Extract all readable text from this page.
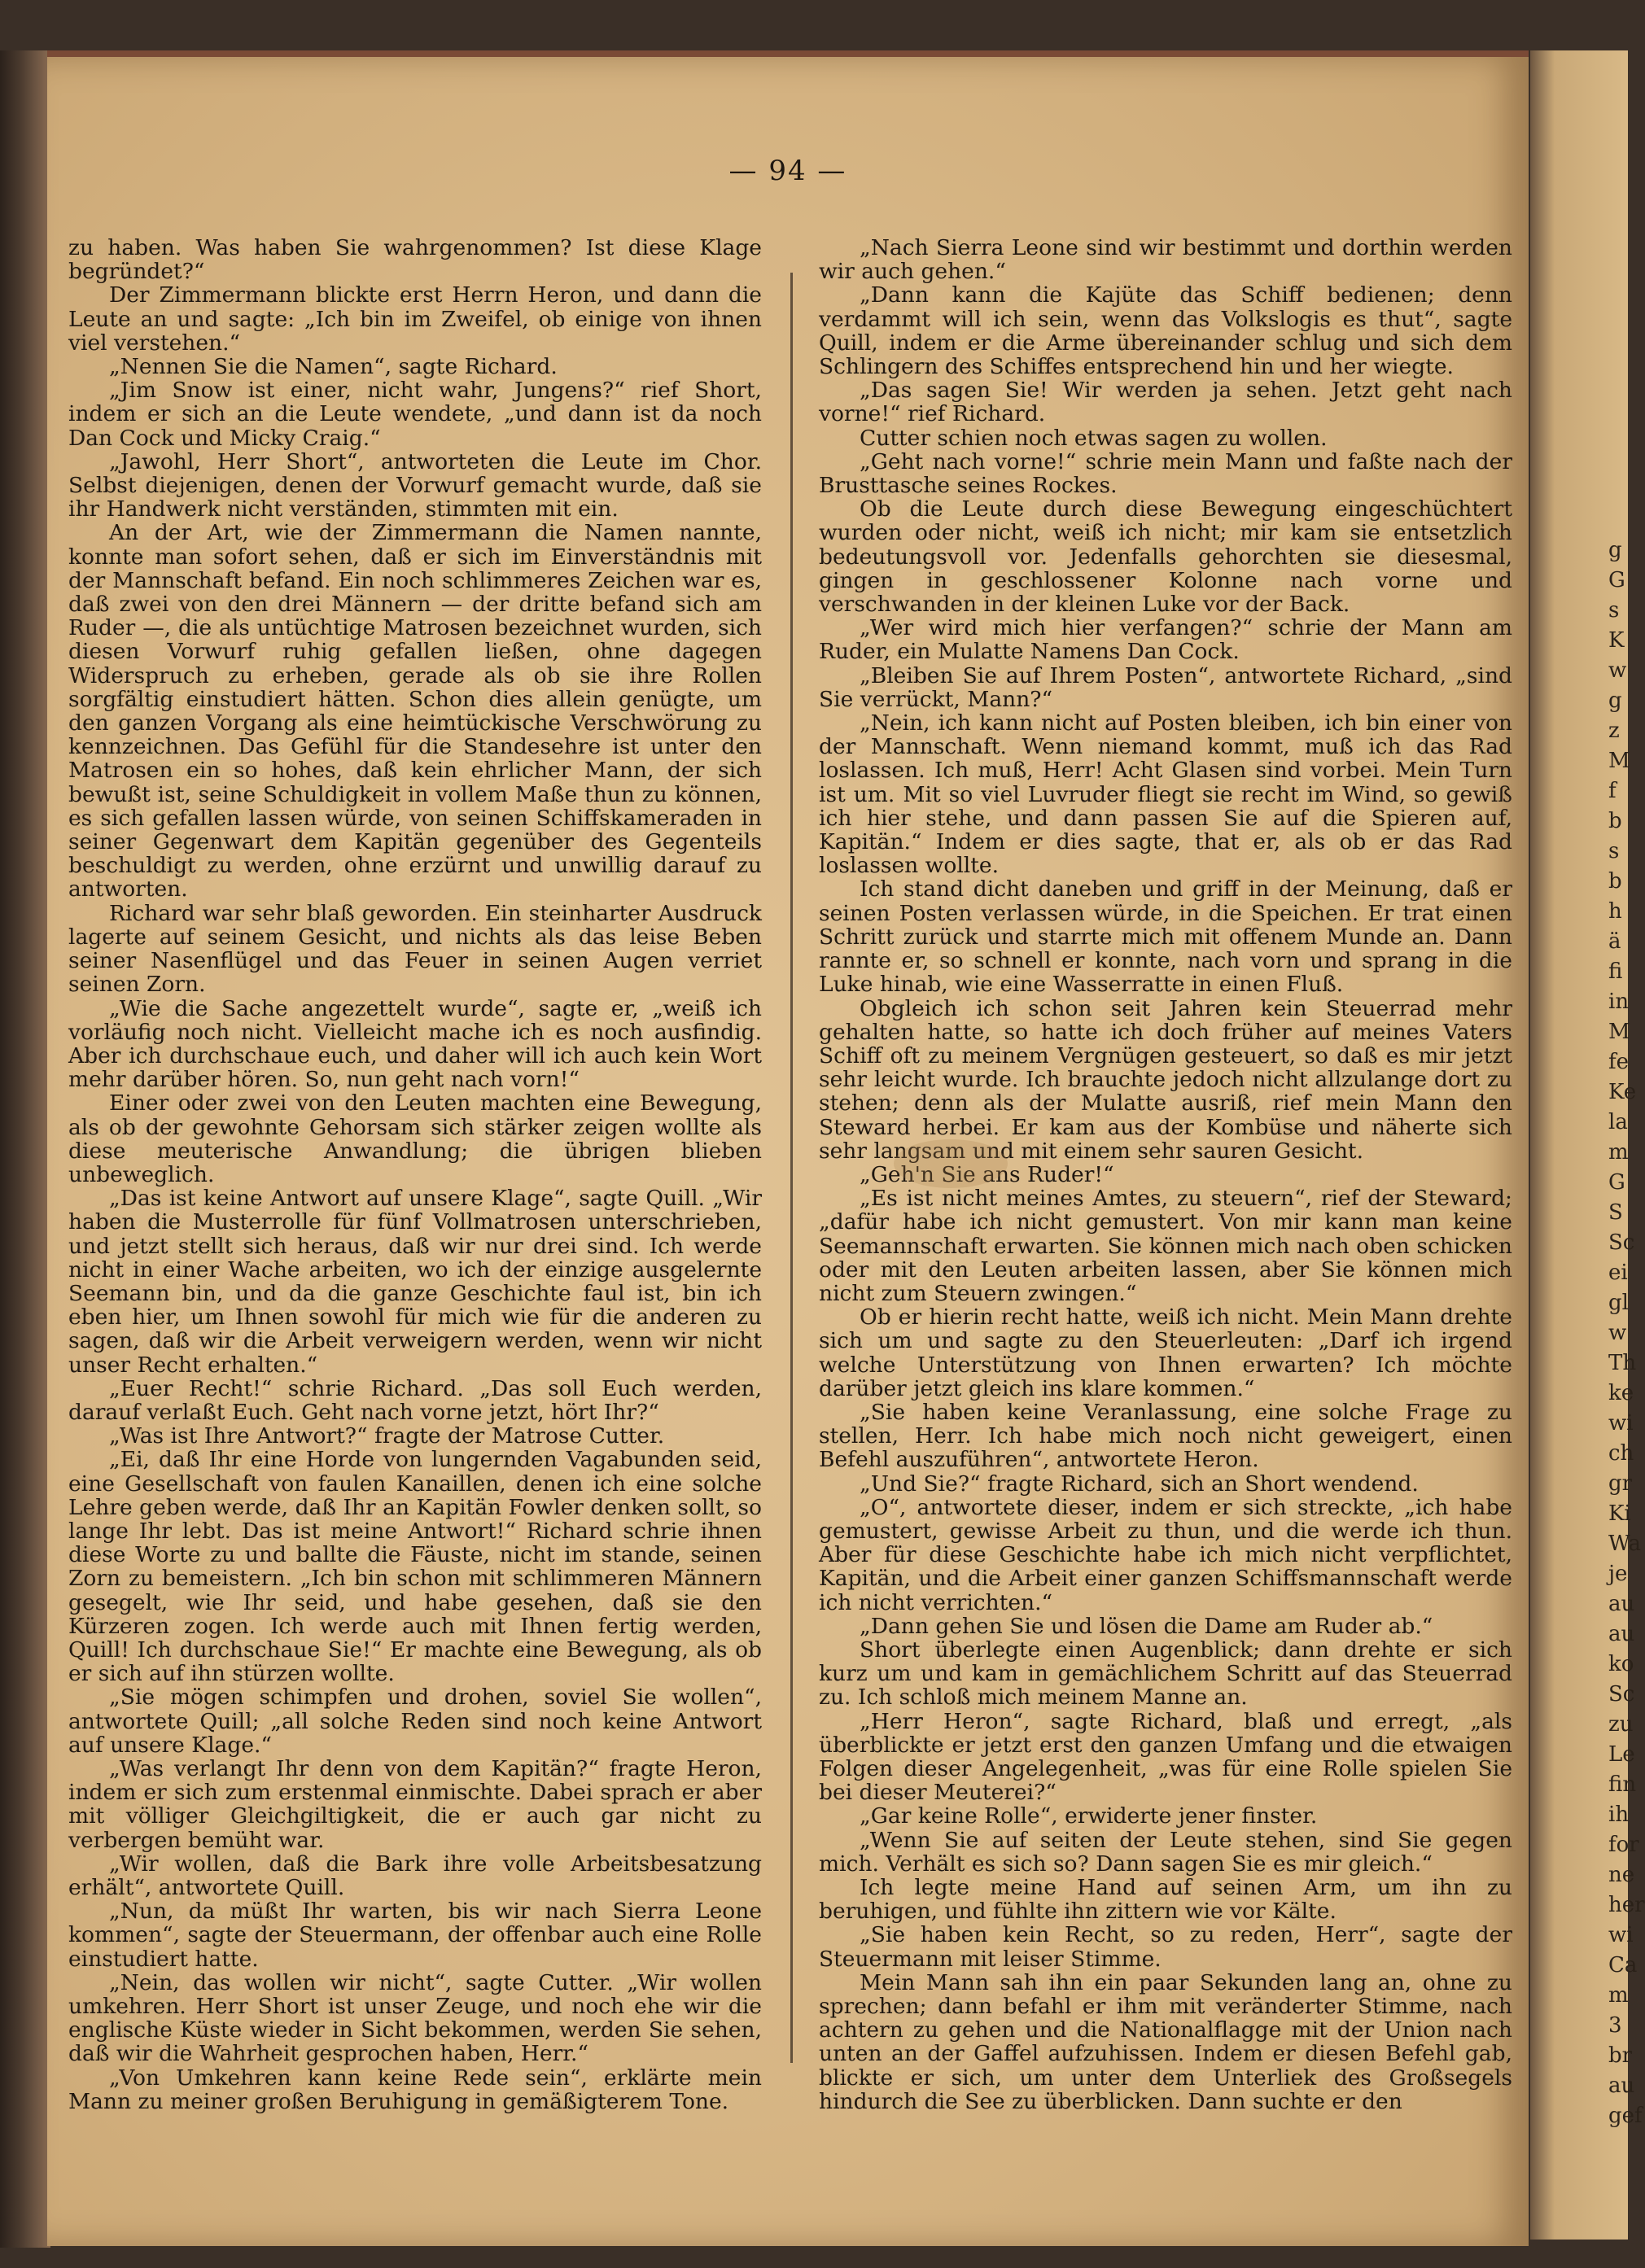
— 94 —

zu haben. Was haben Sie wahrgenommen? Ist diese Klage begründet?“

Der Zimmermann blickte erst Herrn Heron, und dann die Leute an und sagte: „Ich bin im Zweifel, ob einige von ihnen viel verstehen.“

„Nennen Sie die Namen“, sagte Richard.

„Jim Snow ist einer, nicht wahr, Jungens?“ rief Short, indem er sich an die Leute wendete, „und dann ist da noch Dan Cock und Micky Craig.“

„Jawohl, Herr Short“, antworteten die Leute im Chor. Selbst diejenigen, denen der Vorwurf gemacht wurde, daß sie ihr Handwerk nicht verständen, stimmten mit ein.

An der Art, wie der Zimmermann die Namen nannte, konnte man sofort sehen, daß er sich im Einverständnis mit der Mannschaft befand. Ein noch schlimmeres Zeichen war es, daß zwei von den drei Männern — der dritte befand sich am Ruder —, die als untüchtige Matrosen bezeichnet wurden, sich diesen Vorwurf ruhig gefallen ließen, ohne dagegen Widerspruch zu erheben, gerade als ob sie ihre Rollen sorgfältig einstudiert hätten. Schon dies allein genügte, um den ganzen Vorgang als eine heimtückische Verschwörung zu kennzeichnen. Das Gefühl für die Standesehre ist unter den Matrosen ein so hohes, daß kein ehrlicher Mann, der sich bewußt ist, seine Schuldigkeit in vollem Maße thun zu können, es sich gefallen lassen würde, von seinen Schiffskameraden in seiner Gegenwart dem Kapitän gegenüber des Gegenteils beschuldigt zu werden, ohne erzürnt und unwillig darauf zu antworten.

Richard war sehr blaß geworden. Ein steinharter Ausdruck lagerte auf seinem Gesicht, und nichts als das leise Beben seiner Nasenflügel und das Feuer in seinen Augen verriet seinen Zorn.

„Wie die Sache angezettelt wurde“, sagte er, „weiß ich vorläufig noch nicht. Vielleicht mache ich es noch ausfindig. Aber ich durchschaue euch, und daher will ich auch kein Wort mehr darüber hören. So, nun geht nach vorn!“

Einer oder zwei von den Leuten machten eine Bewegung, als ob der gewohnte Gehorsam sich stärker zeigen wollte als diese meuterische Anwandlung; die übrigen blieben unbeweglich.

„Das ist keine Antwort auf unsere Klage“, sagte Quill. „Wir haben die Musterrolle für fünf Vollmatrosen unterschrieben, und jetzt stellt sich heraus, daß wir nur drei sind. Ich werde nicht in einer Wache arbeiten, wo ich der einzige ausgelernte Seemann bin, und da die ganze Geschichte faul ist, bin ich eben hier, um Ihnen sowohl für mich wie für die anderen zu sagen, daß wir die Arbeit verweigern werden, wenn wir nicht unser Recht erhalten.“

„Euer Recht!“ schrie Richard. „Das soll Euch werden, darauf verlaßt Euch. Geht nach vorne jetzt, hört Ihr?“

„Was ist Ihre Antwort?“ fragte der Matrose Cutter.

„Ei, daß Ihr eine Horde von lungernden Vagabunden seid, eine Gesellschaft von faulen Kanaillen, denen ich eine solche Lehre geben werde, daß Ihr an Kapitän Fowler denken sollt, so lange Ihr lebt. Das ist meine Antwort!“ Richard schrie ihnen diese Worte zu und ballte die Fäuste, nicht im stande, seinen Zorn zu bemeistern. „Ich bin schon mit schlimmeren Männern gesegelt, wie Ihr seid, und habe gesehen, daß sie den Kürzeren zogen. Ich werde auch mit Ihnen fertig werden, Quill! Ich durchschaue Sie!“ Er machte eine Bewegung, als ob er sich auf ihn stürzen wollte.

„Sie mögen schimpfen und drohen, soviel Sie wollen“, antwortete Quill; „all solche Reden sind noch keine Antwort auf unsere Klage.“

„Was verlangt Ihr denn von dem Kapitän?“ fragte Heron, indem er sich zum erstenmal einmischte. Dabei sprach er aber mit völliger Gleichgiltigkeit, die er auch gar nicht zu verbergen bemüht war.

„Wir wollen, daß die Bark ihre volle Arbeitsbesatzung erhält“, antwortete Quill.

„Nun, da müßt Ihr warten, bis wir nach Sierra Leone kommen“, sagte der Steuermann, der offenbar auch eine Rolle einstudiert hatte.

„Nein, das wollen wir nicht“, sagte Cutter. „Wir wollen umkehren. Herr Short ist unser Zeuge, und noch ehe wir die englische Küste wieder in Sicht bekommen, werden Sie sehen, daß wir die Wahrheit gesprochen haben, Herr.“

„Von Umkehren kann keine Rede sein“, erklärte mein Mann zu meiner großen Beruhigung in gemäßigterem Tone.

„Nach Sierra Leone sind wir bestimmt und dorthin werden wir auch gehen.“

„Dann kann die Kajüte das Schiff bedienen; denn verdammt will ich sein, wenn das Volkslogis es thut“, sagte Quill, indem er die Arme übereinander schlug und sich dem Schlingern des Schiffes entsprechend hin und her wiegte.

„Das sagen Sie! Wir werden ja sehen. Jetzt geht nach vorne!“ rief Richard.

Cutter schien noch etwas sagen zu wollen.

„Geht nach vorne!“ schrie mein Mann und faßte nach der Brusttasche seines Rockes.

Ob die Leute durch diese Bewegung eingeschüchtert wurden oder nicht, weiß ich nicht; mir kam sie entsetzlich bedeutungsvoll vor. Jedenfalls gehorchten sie diesesmal, gingen in geschlossener Kolonne nach vorne und verschwanden in der kleinen Luke vor der Back.

„Wer wird mich hier verfangen?“ schrie der Mann am Ruder, ein Mulatte Namens Dan Cock.

„Bleiben Sie auf Ihrem Posten“, antwortete Richard, „sind Sie verrückt, Mann?“

„Nein, ich kann nicht auf Posten bleiben, ich bin einer von der Mannschaft. Wenn niemand kommt, muß ich das Rad loslassen. Ich muß, Herr! Acht Glasen sind vorbei. Mein Turn ist um. Mit so viel Luvruder fliegt sie recht im Wind, so gewiß ich hier stehe, und dann passen Sie auf die Spieren auf, Kapitän.“ Indem er dies sagte, that er, als ob er das Rad loslassen wollte.

Ich stand dicht daneben und griff in der Meinung, daß er seinen Posten verlassen würde, in die Speichen. Er trat einen Schritt zurück und starrte mich mit offenem Munde an. Dann rannte er, so schnell er konnte, nach vorn und sprang in die Luke hinab, wie eine Wasserratte in einen Fluß.

Obgleich ich schon seit Jahren kein Steuerrad mehr gehalten hatte, so hatte ich doch früher auf meines Vaters Schiff oft zu meinem Vergnügen gesteuert, so daß es mir jetzt sehr leicht wurde. Ich brauchte jedoch nicht allzulange dort zu stehen; denn als der Mulatte ausriß, rief mein Mann den Steward herbei. Er kam aus der Kombüse und näherte sich sehr langsam und mit einem sehr sauren Gesicht.

„Geh'n Sie ans Ruder!“

„Es ist nicht meines Amtes, zu steuern“, rief der Steward; „dafür habe ich nicht gemustert. Von mir kann man keine Seemannschaft erwarten. Sie können mich nach oben schicken oder mit den Leuten arbeiten lassen, aber Sie können mich nicht zum Steuern zwingen.“

Ob er hierin recht hatte, weiß ich nicht. Mein Mann drehte sich um und sagte zu den Steuerleuten: „Darf ich irgend welche Unterstützung von Ihnen erwarten? Ich möchte darüber jetzt gleich ins klare kommen.“

„Sie haben keine Veranlassung, eine solche Frage zu stellen, Herr. Ich habe mich noch nicht geweigert, einen Befehl auszuführen“, antwortete Heron.

„Und Sie?“ fragte Richard, sich an Short wendend.

„O“, antwortete dieser, indem er sich streckte, „ich habe gemustert, gewisse Arbeit zu thun, und die werde ich thun. Aber für diese Geschichte habe ich mich nicht verpflichtet, Kapitän, und die Arbeit einer ganzen Schiffsmannschaft werde ich nicht verrichten.“

„Dann gehen Sie und lösen die Dame am Ruder ab.“

Short überlegte einen Augenblick; dann drehte er sich kurz um und kam in gemächlichem Schritt auf das Steuerrad zu. Ich schloß mich meinem Manne an.

„Herr Heron“, sagte Richard, blaß und erregt, „als überblickte er jetzt erst den ganzen Umfang und die etwaigen Folgen dieser Angelegenheit, „was für eine Rolle spielen Sie bei dieser Meuterei?“

„Gar keine Rolle“, erwiderte jener finster.

„Wenn Sie auf seiten der Leute stehen, sind Sie gegen mich. Verhält es sich so? Dann sagen Sie es mir gleich.“

Ich legte meine Hand auf seinen Arm, um ihn zu beruhigen, und fühlte ihn zittern wie vor Kälte.

„Sie haben kein Recht, so zu reden, Herr“, sagte der Steuermann mit leiser Stimme.

Mein Mann sah ihn ein paar Sekunden lang an, ohne zu sprechen; dann befahl er ihm mit veränderter Stimme, nach achtern zu gehen und die Nationalflagge mit der Union nach unten an der Gaffel aufzuhissen. Indem er diesen Befehl gab, blickte er sich, um unter dem Unterliek des Großsegels hindurch die See zu überblicken. Dann suchte er den

g
G
s
K
w
g
z
M
f
b
s
b
h
ä
fi
in
M
fe
Ke
la
m
G
S
Sc
ei
gl
w
Th
ke
wi
ch
gr
Ki
Wa
je
au
au
ko
Sc
zu
Le
fin
ih
for
ne
her
wi
Ca
m
3
br
au
gef
